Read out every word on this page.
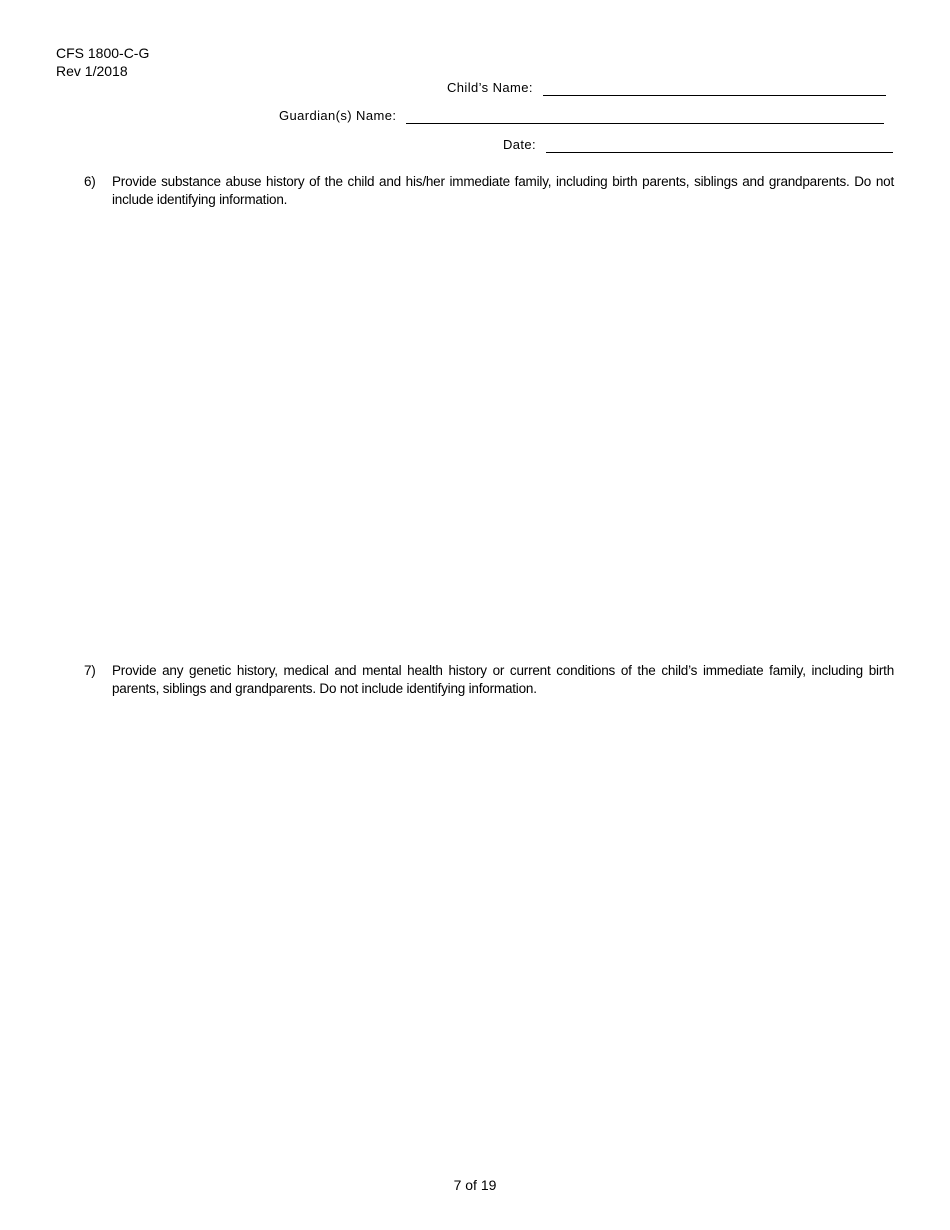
CFS 1800-C-G
Rev 1/2018
Child’s Name:
Guardian(s) Name:
Date:
6)	Provide substance abuse history of the child and his/her immediate family, including birth parents, siblings and grandparents. Do not include identifying information.
7)	Provide any genetic history, medical and mental health history or current conditions of the child’s immediate family, including birth parents, siblings and grandparents. Do not include identifying information.
7 of 19
